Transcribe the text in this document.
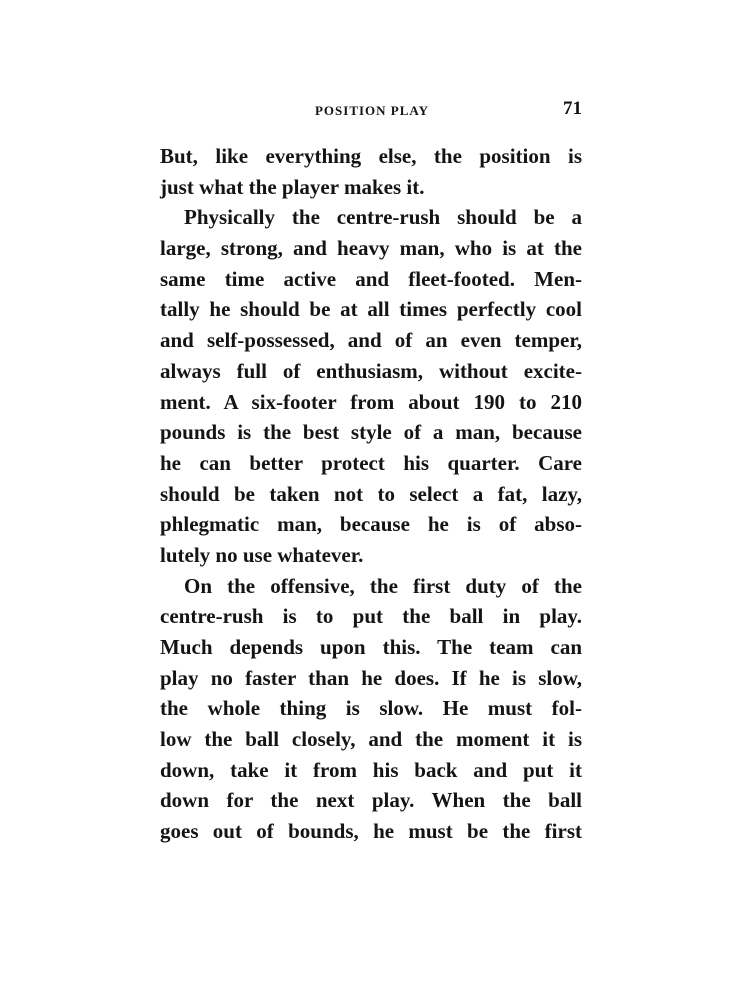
POSITION PLAY	71
But, like everything else, the position is
just what the player makes it.
Physically the centre-rush should be a
large, strong, and heavy man, who is at the
same time active and fleet-footed. Men-
tally he should be at all times perfectly cool
and self-possessed, and of an even temper,
always full of enthusiasm, without excite-
ment. A six-footer from about 190 to 210
pounds is the best style of a man, because
he can better protect his quarter. Care
should be taken not to select a fat, lazy,
phlegmatic man, because he is of abso-
lutely no use whatever.
On the offensive, the first duty of the
centre-rush is to put the ball in play.
Much depends upon this. The team can
play no faster than he does. If he is slow,
the whole thing is slow. He must fol-
low the ball closely, and the moment it is
down, take it from his back and put it
down for the next play. When the ball
goes out of bounds, he must be the first
